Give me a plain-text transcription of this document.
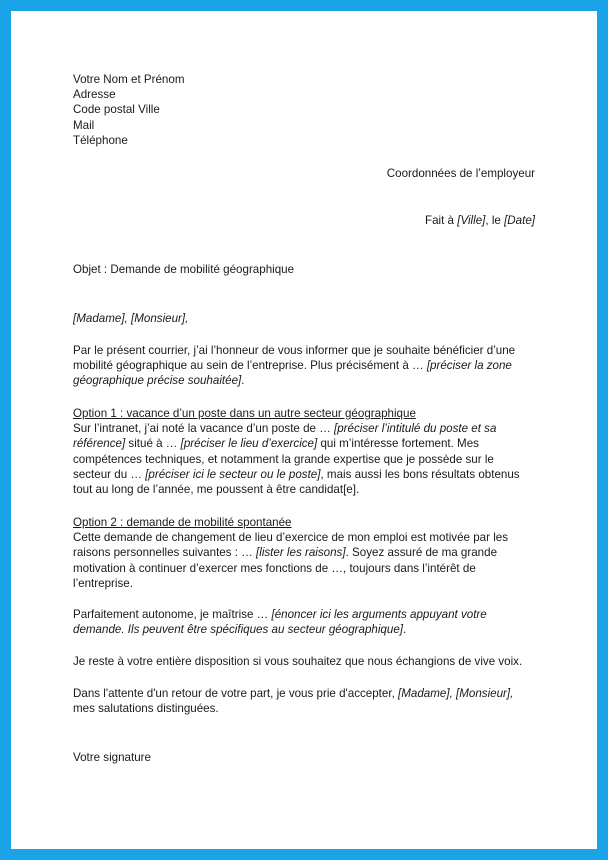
Votre Nom et Prénom

Adresse

Code postal Ville

Mail

Téléphone

Coordonnées de l’employeur

Fait à [Ville], le [Date]

Objet : Demande de mobilité géographique

[Madame], [Monsieur],

Par le présent courrier, j’ai l’honneur de vous informer que je souhaite bénéficier d’une mobilité géographique au sein de l’entreprise. Plus précisément à … [préciser la zone géographique précise souhaitée].

Option 1 : vacance d’un poste dans un autre secteur géographique

Sur l’intranet, j’ai noté la vacance d’un poste de … [préciser l’intitulé du poste et sa référence] situé à … [préciser le lieu d’exercice] qui m’intéresse fortement. Mes compétences techniques, et notamment la grande expertise que je possède sur le secteur du … [préciser ici le secteur ou le poste], mais aussi les bons résultats obtenus tout au long de l’année, me poussent à être candidat[e].

Option 2 : demande de mobilité spontanée

Cette demande de changement de lieu d’exercice de mon emploi est motivée par les raisons personnelles suivantes : … [lister les raisons]. Soyez assuré de ma grande motivation à continuer d’exercer mes fonctions de …, toujours dans l’intérêt de l’entreprise.

Parfaitement autonome, je maîtrise … [énoncer ici les arguments appuyant votre demande. Ils peuvent être spécifiques au secteur géographique].

Je reste à votre entière disposition si vous souhaitez que nous échangions de vive voix.

Dans l'attente d'un retour de votre part, je vous prie d'accepter, [Madame], [Monsieur], mes salutations distinguées.

Votre signature
